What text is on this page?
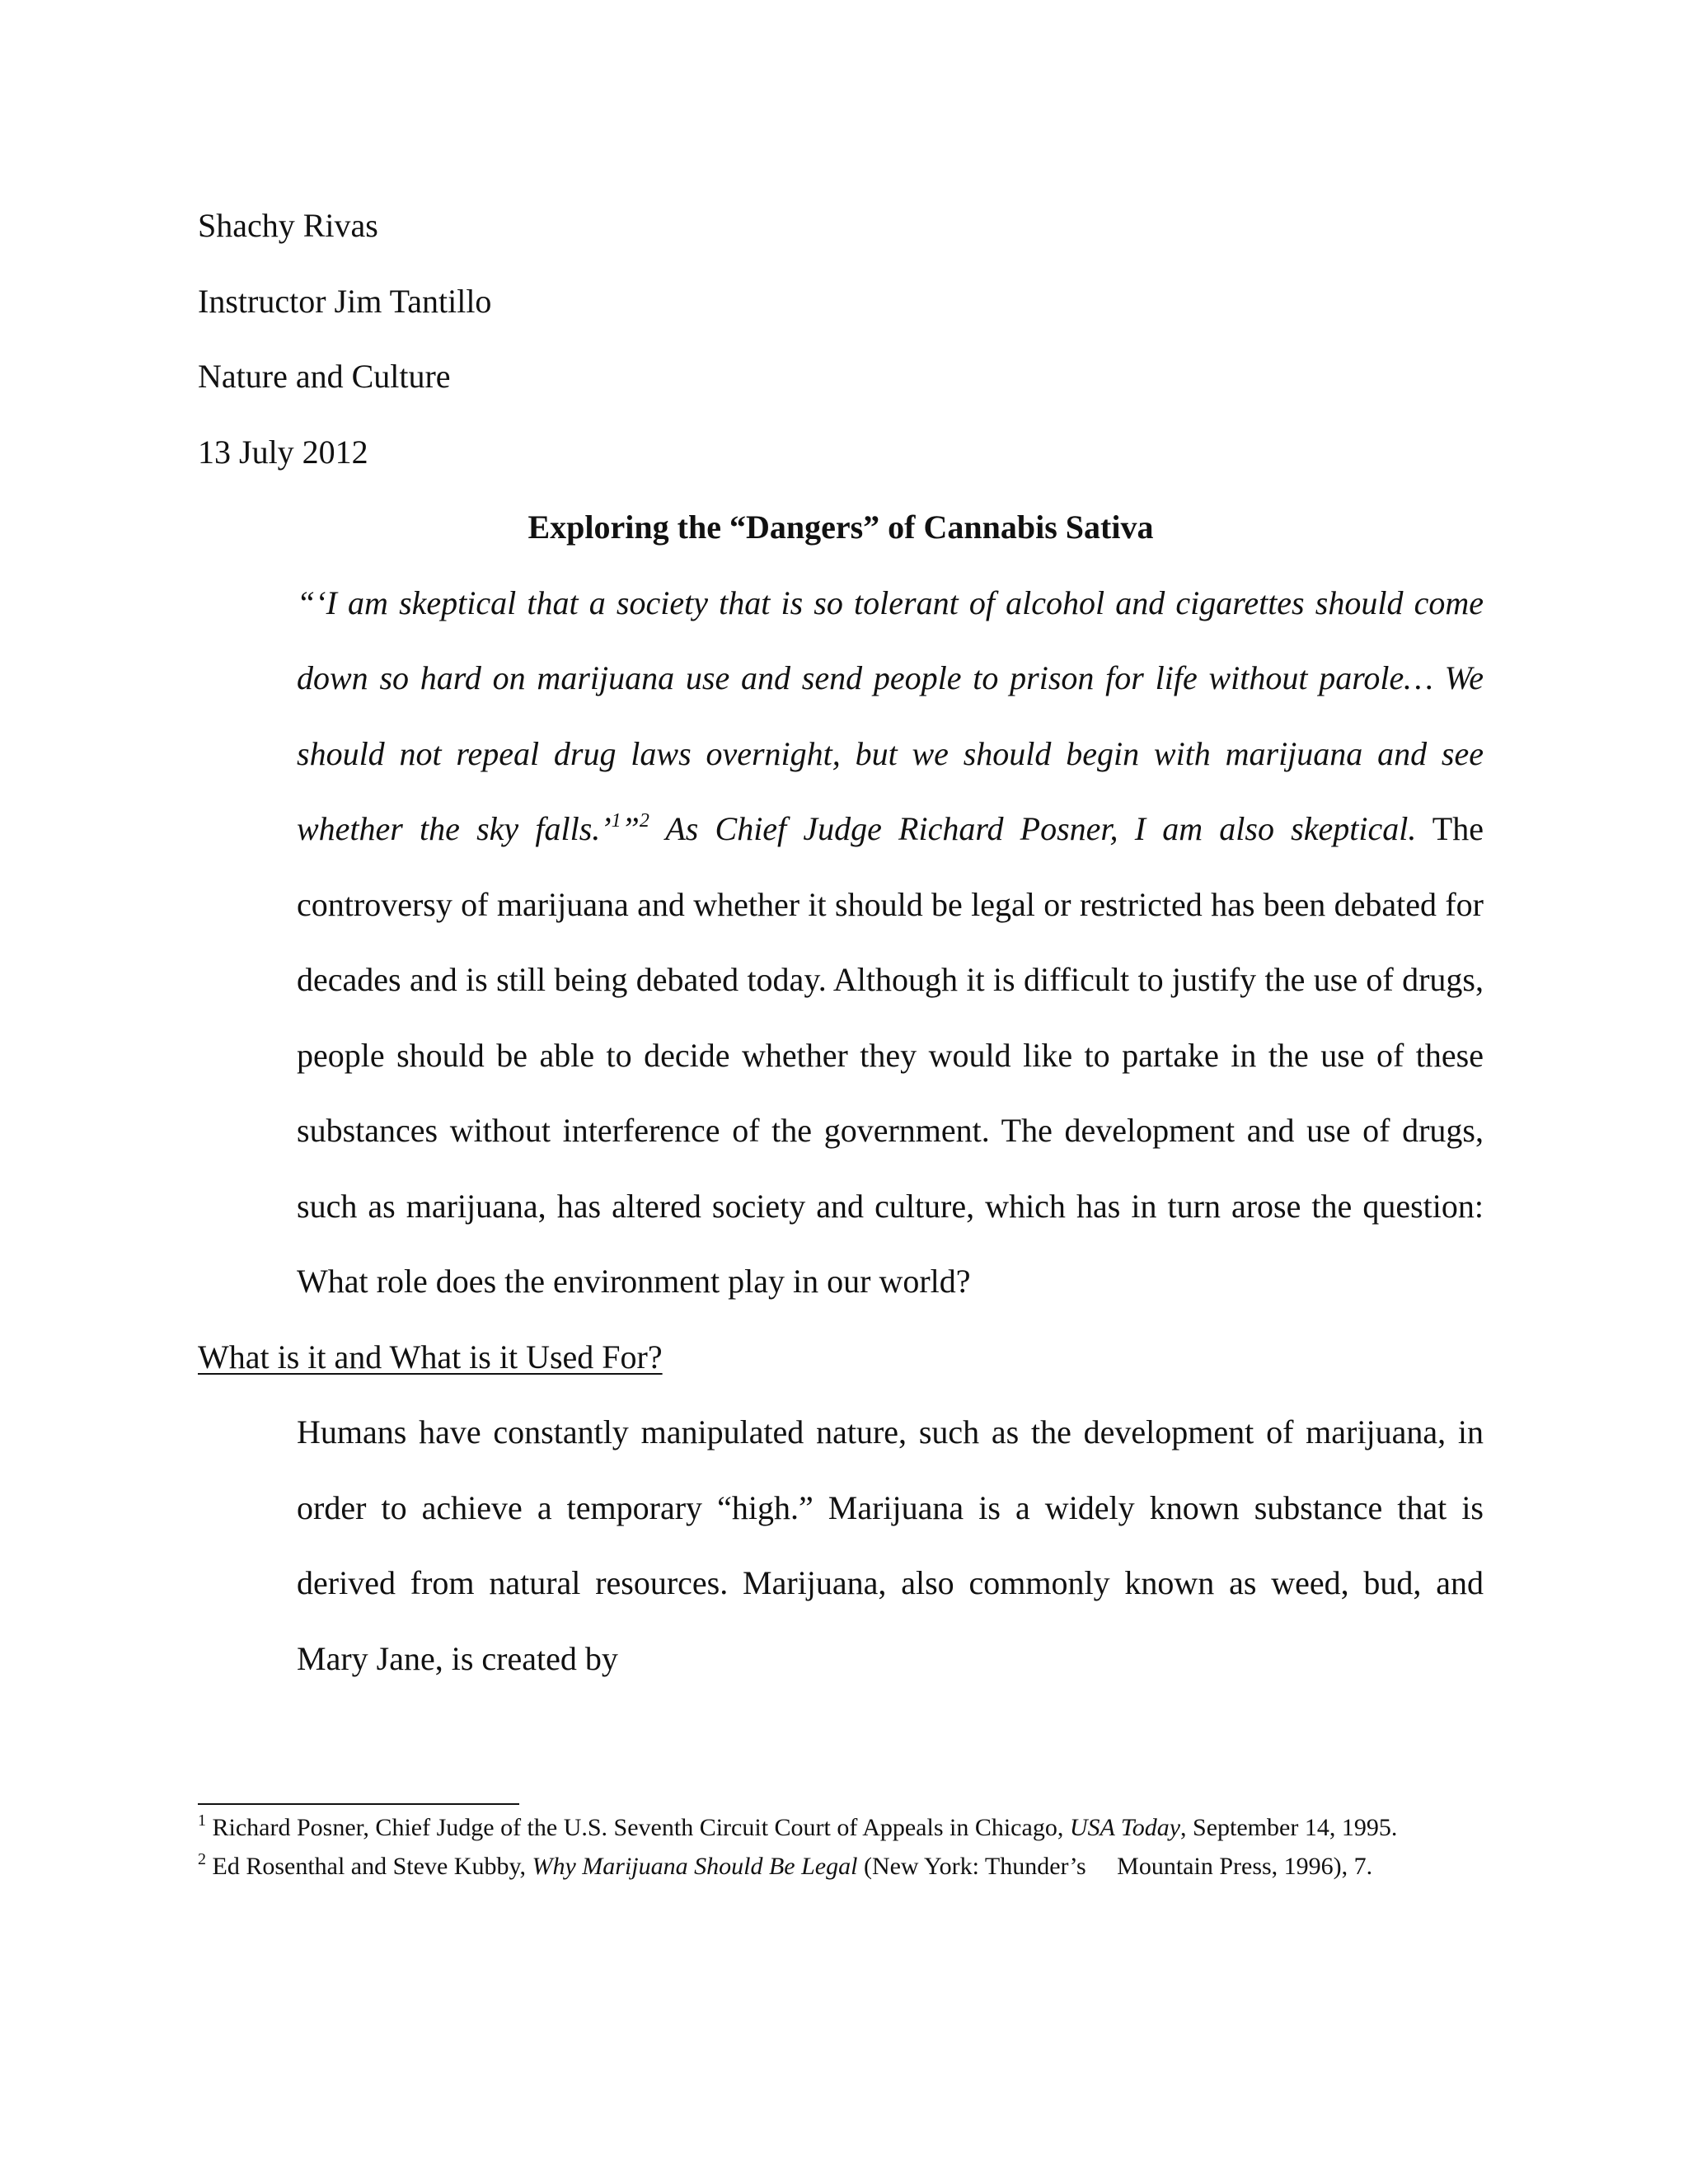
Shachy Rivas
Instructor Jim Tantillo
Nature and Culture
13 July 2012
Exploring the “Dangers” of Cannabis Sativa
“‘I am skeptical that a society that is so tolerant of alcohol and cigarettes should come down so hard on marijuana use and send people to prison for life without parole… We should not repeal drug laws overnight, but we should begin with marijuana and see whether the sky falls.’$^1$”$^2$ As Chief Judge Richard Posner, I am also skeptical. The controversy of marijuana and whether it should be legal or restricted has been debated for decades and is still being debated today. Although it is difficult to justify the use of drugs, people should be able to decide whether they would like to partake in the use of these substances without interference of the government. The development and use of drugs, such as marijuana, has altered society and culture, which has in turn arose the question: What role does the environment play in our world?
What is it and What is it Used For?
Humans have constantly manipulated nature, such as the development of marijuana, in order to achieve a temporary “high.” Marijuana is a widely known substance that is derived from natural resources. Marijuana, also commonly known as weed, bud, and Mary Jane, is created by
$^1$ Richard Posner, Chief Judge of the U.S. Seventh Circuit Court of Appeals in Chicago, USA Today, September 14, 1995.
$^2$ Ed Rosenthal and Steve Kubby, Why Marijuana Should Be Legal (New York: Thunder’s  Mountain Press, 1996), 7.
